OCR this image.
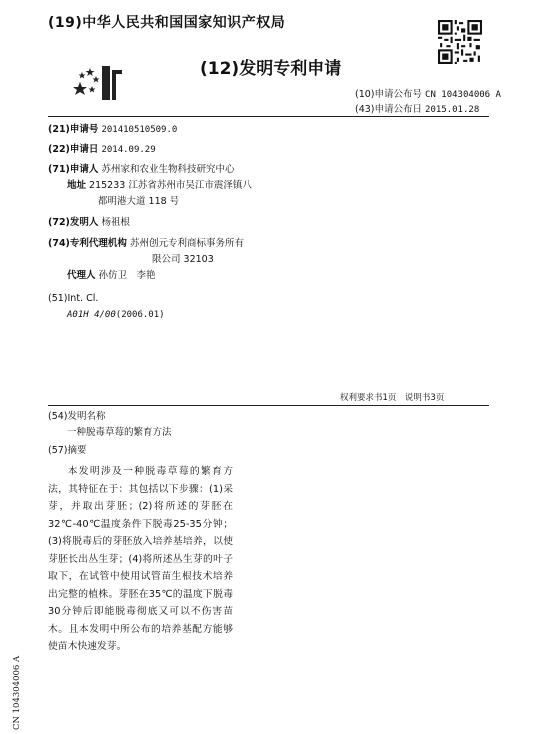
(19)中华人民共和国国家知识产权局
(12)发明专利申请
(10)申请公布号 CN 104304006 A
(43)申请公布日 2015.01.28
(21)申请号 201410510509.0
(22)申请日 2014.09.29
(71)申请人 苏州家和农业生物科技研究中心
地址 215233 江苏省苏州市吴江市震泽镇八
都明港大道 118 号
(72)发明人 杨祖根
(74)专利代理机构 苏州创元专利商标事务所有
限公司 32103
代理人 孙仿卫　李艳
(51)Int. Cl.
A01H 4/00(2006.01)
权利要求书1页　说明书3页
(54)发明名称
一种脱毒草莓的繁育方法
(57)摘要

本发明涉及一种脱毒草莓的繁育方法，其特征在于：其包括以下步骤：(1)采芽，并取出芽胚；(2)将所述的芽胚在32℃-40℃温度条件下脱毒25-35分钟；(3)将脱毒后的芽胚放入培养基培养，以使芽胚长出丛生芽；(4)将所述丛生芽的叶子取下，在试管中使用试管苗生根技术培养出完整的植株。芽胚在35℃的温度下脱毒30分钟后即能脱毒彻底又可以不伤害苗木。且本发明中所公布的培养基配方能够使苗木快速发芽。

CN 104304006 A
